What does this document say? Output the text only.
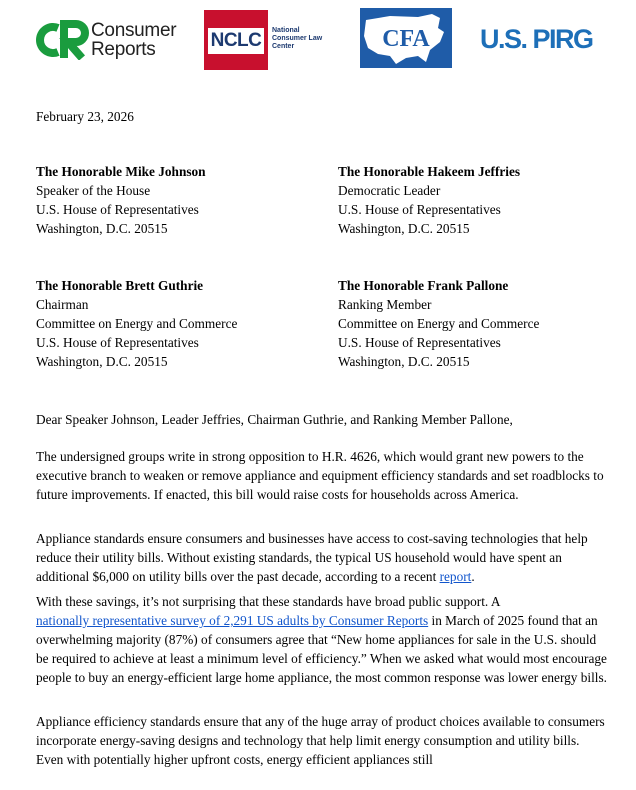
Consumer
Reports	NCLC	National
Consumer Law
Center	CFA U.S. PIRG
February 23, 2026
The Honorable Mike Johnson
Speaker of the House
U.S. House of Representatives
Washington, D.C. 20515
The Honorable Hakeem Jeffries
Democratic Leader
U.S. House of Representatives
Washington, D.C. 20515
The Honorable Brett Guthrie
Chairman
Committee on Energy and Commerce
U.S. House of Representatives
Washington, D.C. 20515
The Honorable Frank Pallone
Ranking Member
Committee on Energy and Commerce
U.S. House of Representatives
Washington, D.C. 20515
Dear Speaker Johnson, Leader Jeffries, Chairman Guthrie, and Ranking Member Pallone,
The undersigned groups write in strong opposition to H.R. 4626, which would grant new powers to the executive branch to weaken or remove appliance and equipment efficiency standards and set roadblocks to future improvements. If enacted, this bill would raise costs for households across America.
Appliance standards ensure consumers and businesses have access to cost-saving technologies that help reduce their utility bills. Without existing standards, the typical US household would have spent an additional $6,000 on utility bills over the past decade, according to a recent report.
With these savings, it’s not surprising that these standards have broad public support. A
nationally representative survey of 2,291 US adults by Consumer Reports in March of 2025 found that an overwhelming majority (87%) of consumers agree that “New home appliances for sale in the U.S. should be required to achieve at least a minimum level of efficiency.” When we asked what would most encourage people to buy an energy-efficient large home appliance, the most common response was lower energy bills.
Appliance efficiency standards ensure that any of the huge array of product choices available to consumers incorporate energy-saving designs and technology that help limit energy consumption and utility bills. Even with potentially higher upfront costs, energy efficient appliances still
